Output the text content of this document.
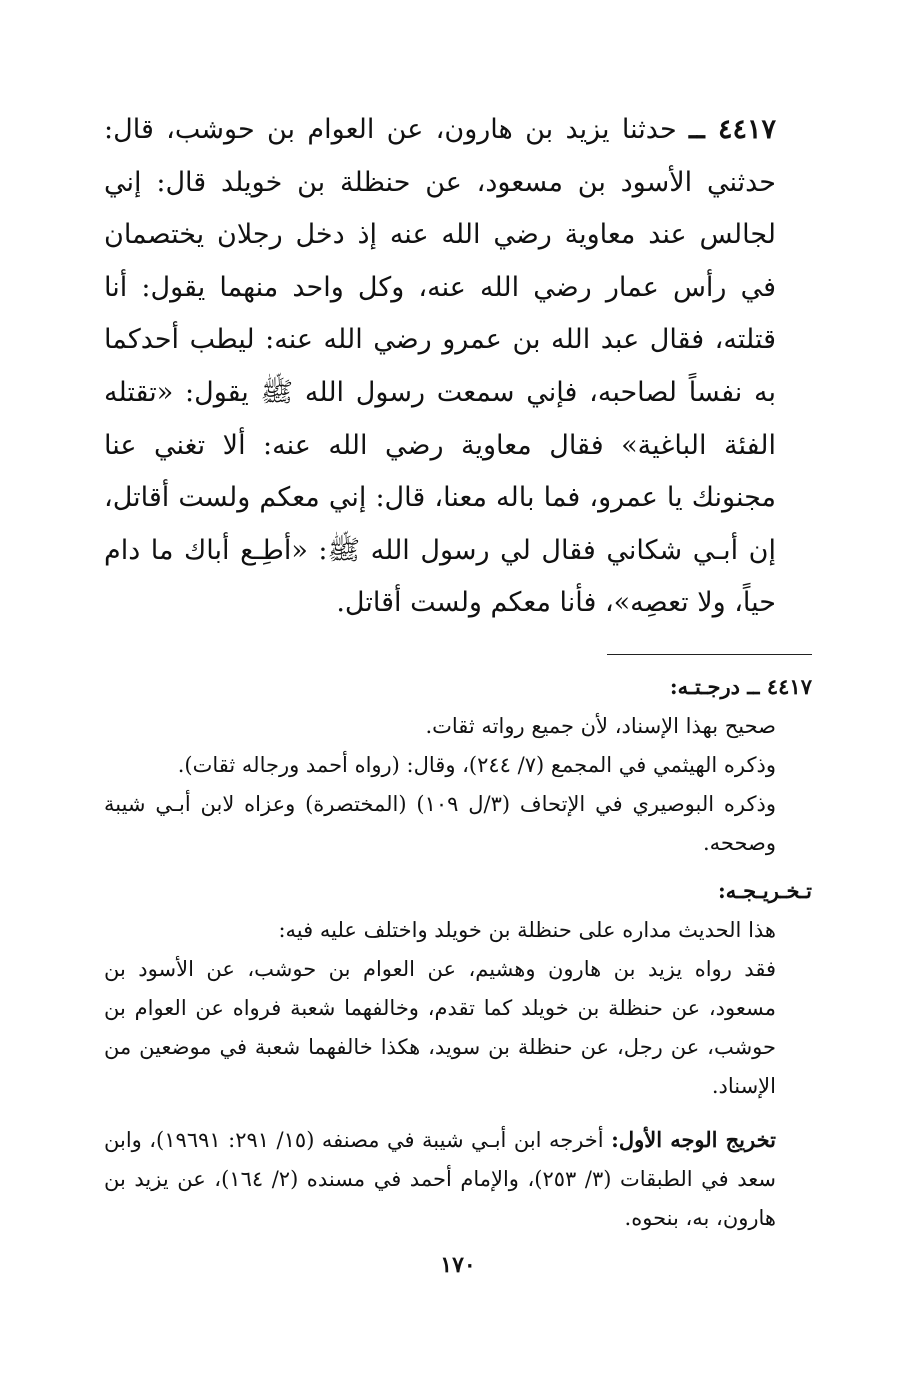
٤٤١٧ ــ حدثنا يزيد بن هارون، عن العوام بن حوشب، قال: حدثني الأسود بن مسعود، عن حنظلة بن خويلد قال: إني لجالس عند معاوية رضي الله عنه إذ دخل رجلان يختصمان في رأس عمار رضي الله عنه، وكل واحد منهما يقول: أنا قتلته، فقال عبد الله بن عمرو رضي الله عنه: ليطب أحدكما به نفساً لصاحبه، فإني سمعت رسول الله ﷺ يقول: «تقتله الفئة الباغية» فقال معاوية رضي الله عنه: ألا تغني عنا مجنونك يا عمرو، فما باله معنا، قال: إني معكم ولست أقاتل، إن أبـي شكاني فقال لي رسول الله ﷺ: «أطِـع أباك ما دام حياً، ولا تعصِه»، فأنا معكم ولست أقاتل.

٤٤١٧ ــ درجـتـه:

صحيح بهذا الإسناد، لأن جميع رواته ثقات.

وذكره الهيثمي في المجمع (٧/ ٢٤٤)، وقال: (رواه أحمد ورجاله ثقات).

وذكره البوصيري في الإتحاف (٣/ل ١٠٩) (المختصرة) وعزاه لابن أبـي شيبة وصححه.

تـخـريـجـه:

هذا الحديث مداره على حنظلة بن خويلد واختلف عليه فيه:

فقد رواه يزيد بن هارون وهشيم، عن العوام بن حوشب، عن الأسود بن مسعود، عن حنظلة بن خويلد كما تقدم، وخالفهما شعبة فرواه عن العوام بن حوشب، عن رجل، عن حنظلة بن سويد، هكذا خالفهما شعبة في موضعين من الإسناد.

تخريج الوجه الأول: أخرجه ابن أبـي شيبة في مصنفه (١٥/ ٢٩١: ١٩٦٩١)، وابن سعد في الطبقات (٣/ ٢٥٣)، والإمام أحمد في مسنده (٢/ ١٦٤)، عن يزيد بن هارون، به، بنحوه.

١٧٠
